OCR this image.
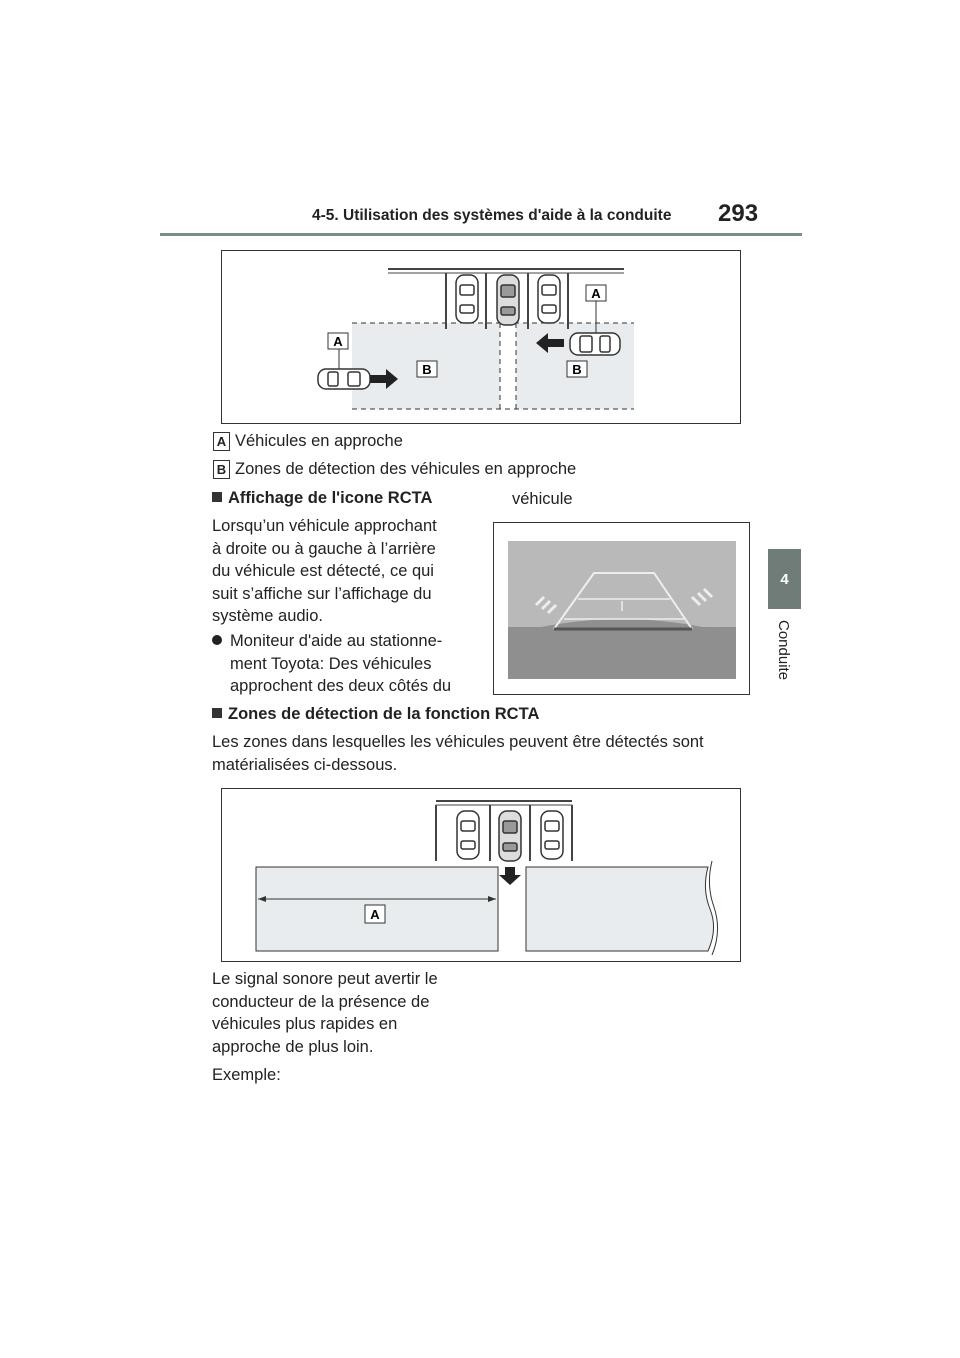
4-5. Utilisation des systèmes d'aide à la conduite 293
4
Conduite
A
A
B	B
A Véhicules en approche
B Zones de détection des véhicules en approche
Affichage de l'icone RCTA	véhicule
Lorsqu’un véhicule approchant
à droite ou à gauche à l’arrière
du véhicule est détecté, ce qui
suit s’affiche sur l’affichage du
système audio.
Moniteur d'aide au stationne-
ment Toyota: Des véhicules
approchent des deux côtés du
Zones de détection de la fonction RCTA
Les zones dans lesquelles les véhicules peuvent être détectés sont
matérialisées ci-dessous.
A
Le signal sonore peut avertir le
conducteur de la présence de
véhicules plus rapides en
approche de plus loin.
Exemple:
